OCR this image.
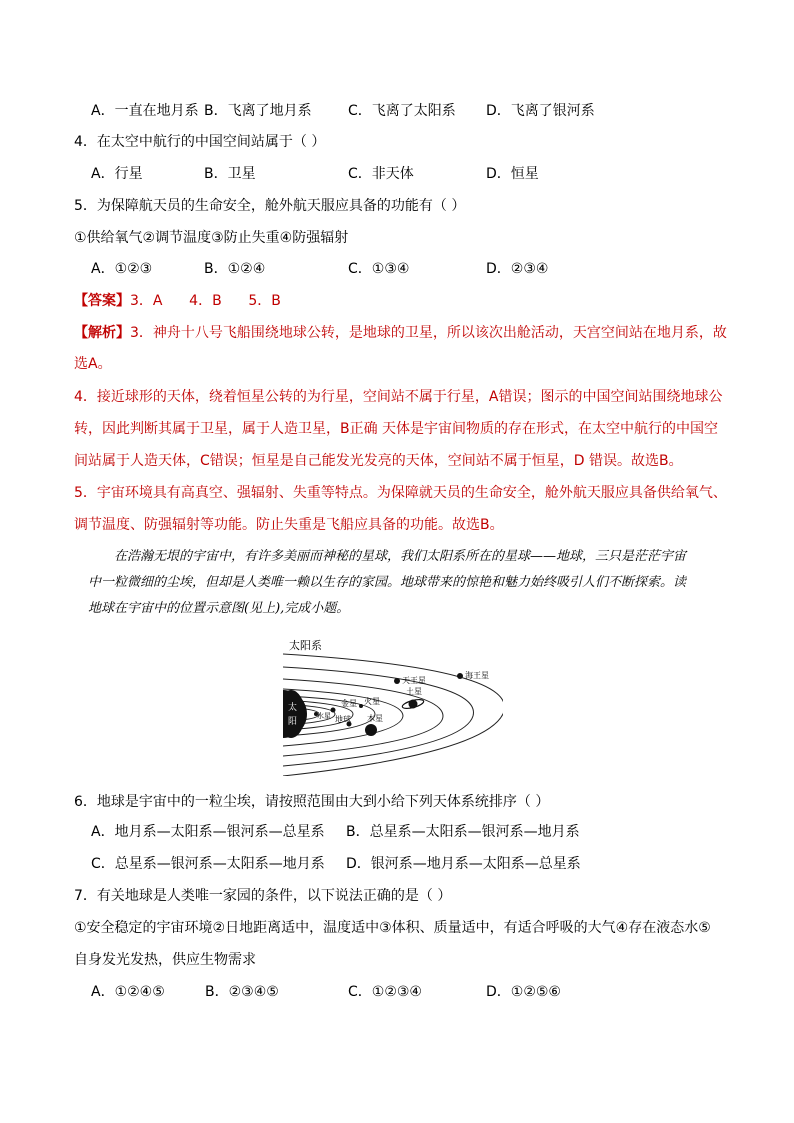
A．一直在地月系 B．飞离了地月系	C．飞离了太阳系 D．飞离了银河系
4．在太空中航行的中国空间站属于（ ）
A．行星	B．卫星	C．非天体	D．恒星
5．为保障航天员的生命安全，舱外航天服应具备的功能有（ ）
①供给氧气②调节温度③防止失重④防强辐射
A．①②③	B．①②④	C．①③④	D．②③④
【答案】3．A      4．B      5．B
【解析】3．神舟十八号飞船围绕地球公转，是地球的卫星，所以该次出舱活动，天宫空间站在地月系，故
选A。
4．接近球形的天体，绕着恒星公转的为行星，空间站不属于行星，A错误；图示的中国空间站围绕地球公
转，因此判断其属于卫星，属于人造卫星，B正确 天体是宇宙间物质的存在形式，在太空中航行的中国空
间站属于人造天体，C错误；恒星是自己能发光发亮的天体，空间站不属于恒星，D 错误。故选B。
5．宇宙环境具有高真空、强辐射、失重等特点。为保障就天员的生命安全，舱外航天服应具备供给氧气、
调节温度、防强辐射等功能。防止失重是飞船应具备的功能。故选B。
在浩瀚无垠的宇宙中，有许多美丽而神秘的星球，我们太阳系所在的星球——地球，三只是茫茫宇宙
中一粒微细的尘埃，但却是人类唯一赖以生存的家园。地球带来的惊艳和魅力始终吸引人们不断探索。读
地球在宇宙中的位置示意图(见上),完成小题。
太阳系
太
阳
水星
金星
地球
火星
木星
土星
天王星
海王星
6．地球是宇宙中的一粒尘埃，请按照范围由大到小给下列天体系统排序（ ）
A．地月系—太阳系—银河系—总星系 B．总星系—太阳系—银河系—地月系
C．总星系—银河系—太阳系—地月系 D．银河系—地月系—太阳系—总星系
7．有关地球是人类唯一家园的条件，以下说法正确的是（ ）
①安全稳定的宇宙环境②日地距离适中，温度适中③体积、质量适中，有适合呼吸的大气④存在液态水⑤
自身发光发热，供应生物需求
A．①②④⑤	B．②③④⑤	C．①②③④	D．①②⑤⑥
